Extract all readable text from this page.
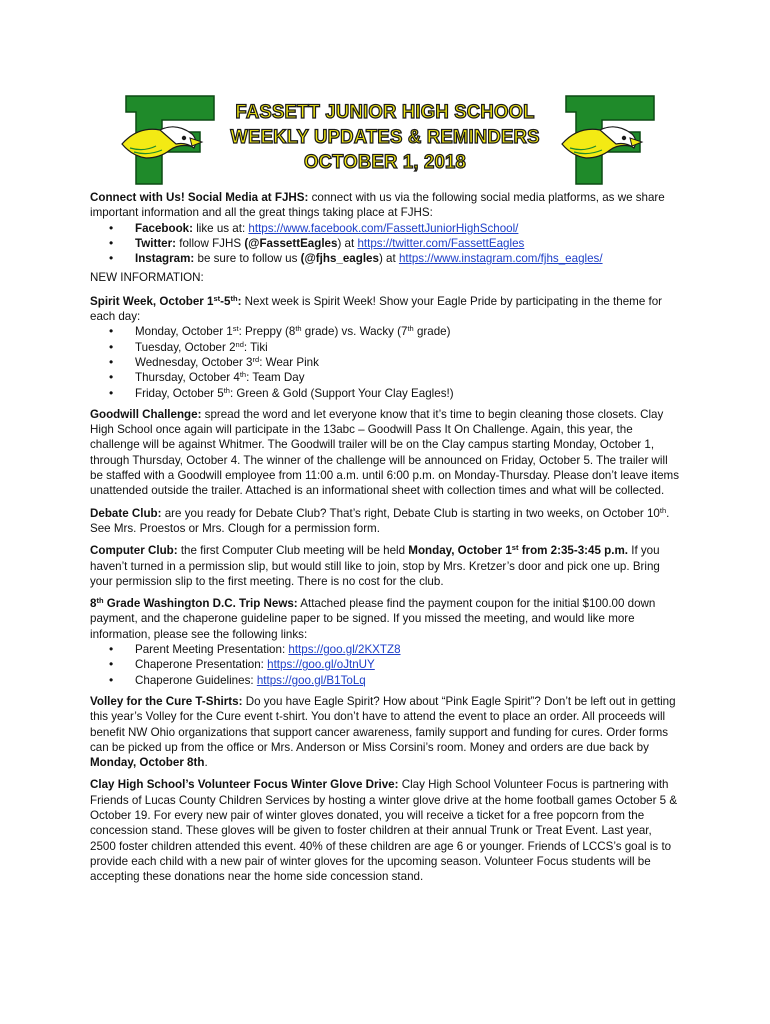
FASSETT JUNIOR HIGH SCHOOL
WEEKLY UPDATES & REMINDERS
OCTOBER 1, 2018

Connect with Us! Social Media at FJHS: connect with us via the following social media platforms, as we share important information and all the great things taking place at FJHS:

• Facebook: like us at: https://www.facebook.com/FassettJuniorHighSchool/
• Twitter: follow FJHS (@FassettEagles) at https://twitter.com/FassettEagles
• Instagram: be sure to follow us (@fjhs_eagles) at https://www.instagram.com/fjhs_eagles/

NEW INFORMATION:

Spirit Week, October 1st-5th: Next week is Spirit Week! Show your Eagle Pride by participating in the theme for each day:

• Monday, October 1st: Preppy (8th grade) vs. Wacky (7th grade)
• Tuesday, October 2nd: Tiki
• Wednesday, October 3rd: Wear Pink
• Thursday, October 4th: Team Day
• Friday, October 5th: Green & Gold (Support Your Clay Eagles!)

Goodwill Challenge: spread the word and let everyone know that it’s time to begin cleaning those closets. Clay High School once again will participate in the 13abc – Goodwill Pass It On Challenge. Again, this year, the challenge will be against Whitmer. The Goodwill trailer will be on the Clay campus starting Monday, October 1, through Thursday, October 4. The winner of the challenge will be announced on Friday, October 5. The trailer will be staffed with a Goodwill employee from 11:00 a.m. until 6:00 p.m. on Monday-Thursday. Please don’t leave items unattended outside the trailer. Attached is an informational sheet with collection times and what will be collected.

Debate Club: are you ready for Debate Club? That’s right, Debate Club is starting in two weeks, on October 10th. See Mrs. Proestos or Mrs. Clough for a permission form.

Computer Club: the first Computer Club meeting will be held Monday, October 1st from 2:35-3:45 p.m. If you haven’t turned in a permission slip, but would still like to join, stop by Mrs. Kretzer’s door and pick one up. Bring your permission slip to the first meeting. There is no cost for the club.

8th Grade Washington D.C. Trip News: Attached please find the payment coupon for the initial $100.00 down payment, and the chaperone guideline paper to be signed. If you missed the meeting, and would like more information, please see the following links:

• Parent Meeting Presentation: https://goo.gl/2KXTZ8
• Chaperone Presentation: https://goo.gl/oJtnUY
• Chaperone Guidelines: https://goo.gl/B1ToLq

Volley for the Cure T-Shirts: Do you have Eagle Spirit? How about “Pink Eagle Spirit”? Don’t be left out in getting this year’s Volley for the Cure event t-shirt. You don’t have to attend the event to place an order. All proceeds will benefit NW Ohio organizations that support cancer awareness, family support and funding for cures. Order forms can be picked up from the office or Mrs. Anderson or Miss Corsini’s room. Money and orders are due back by Monday, October 8th.

Clay High School’s Volunteer Focus Winter Glove Drive: Clay High School Volunteer Focus is partnering with Friends of Lucas County Children Services by hosting a winter glove drive at the home football games October 5 & October 19. For every new pair of winter gloves donated, you will receive a ticket for a free popcorn from the concession stand. These gloves will be given to foster children at their annual Trunk or Treat Event. Last year, 2500 foster children attended this event. 40% of these children are age 6 or younger. Friends of LCCS’s goal is to provide each child with a new pair of winter gloves for the upcoming season. Volunteer Focus students will be accepting these donations near the home side concession stand.
